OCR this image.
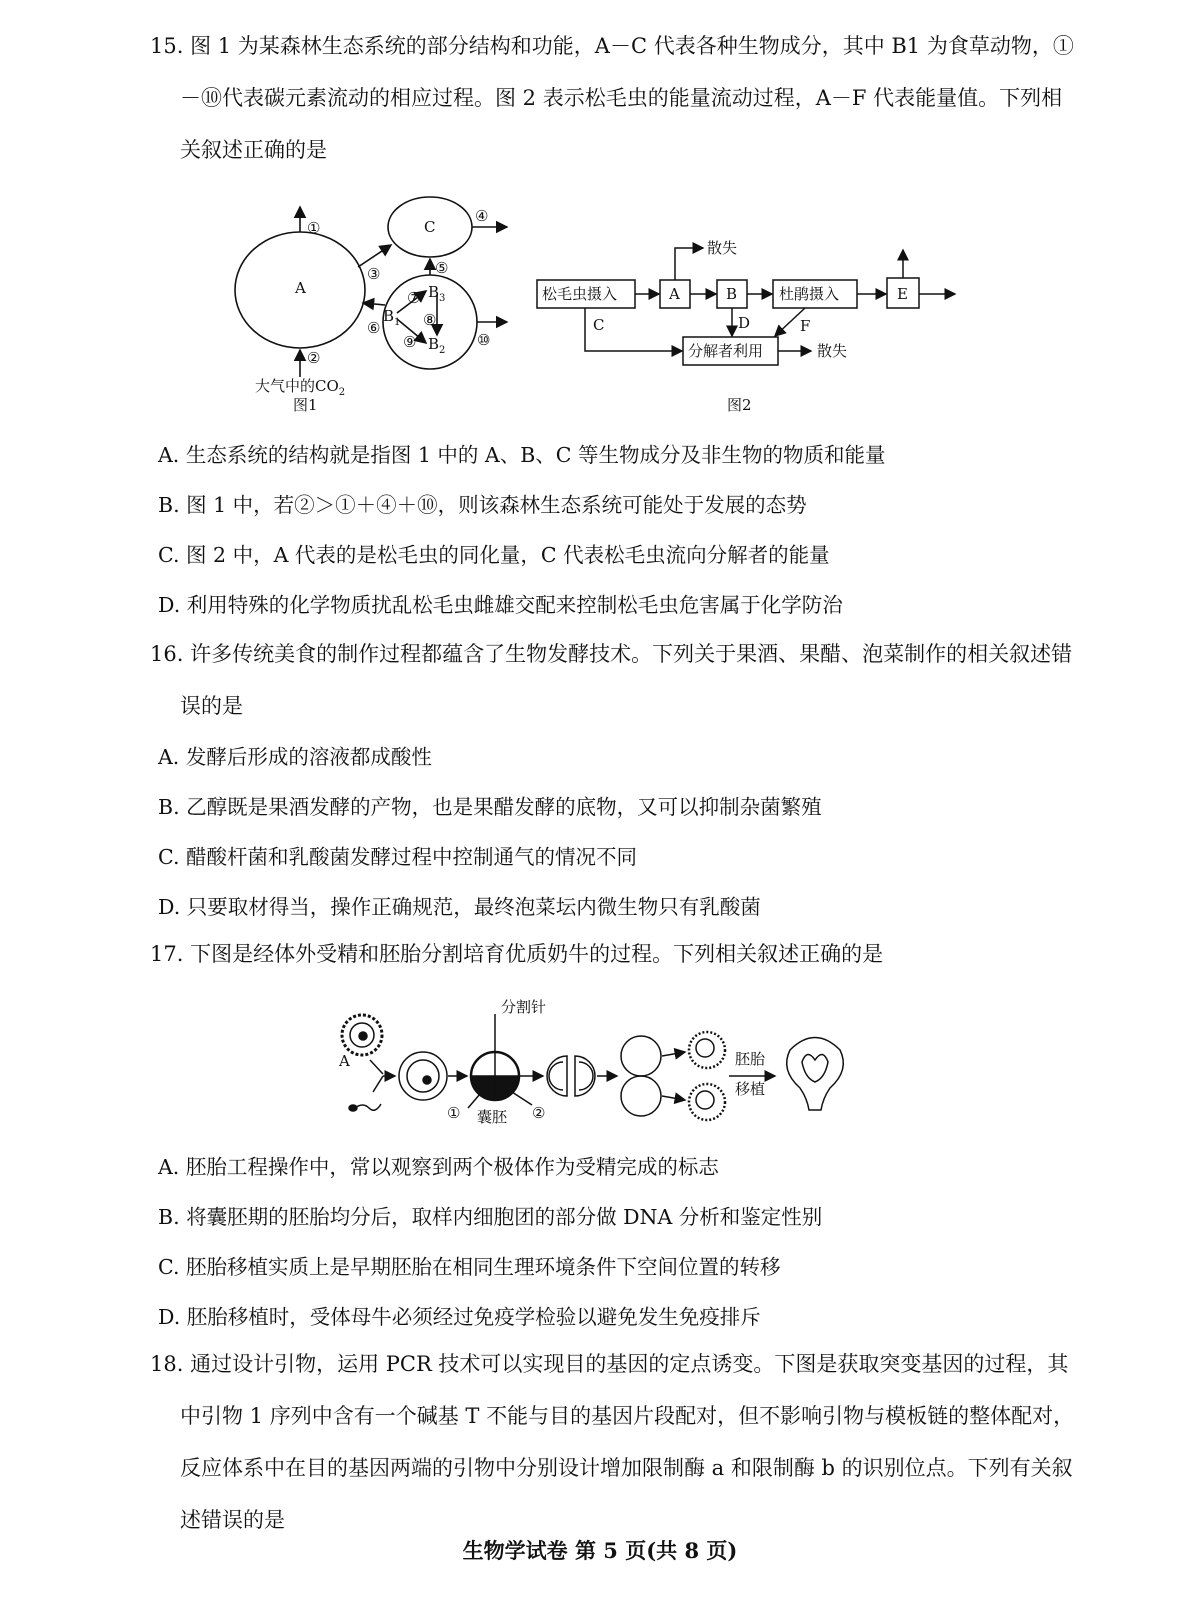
15. 图 1 为某森林生态系统的部分结构和功能，A－C 代表各种生物成分，其中 B1 为食草动物，①－⑩代表碳元素流动的相应过程。图 2 表示松毛虫的能量流动过程，A－F 代表能量值。下列相关叙述正确的是
A
C
①
②
③
④
⑤
⑥
⑦
⑧
⑨	⑩
$B_1$
$B_3$
$B_2$
大气中的$CO_2$
图1
松毛虫摄入	A	B	杜鹃摄入	E
分解者利用
散失
散失
C	D	F
图2
A. 生态系统的结构就是指图 1 中的 A、B、C 等生物成分及非生物的物质和能量
B. 图 1 中，若②＞①＋④＋⑩，则该森林生态系统可能处于发展的态势
C. 图 2 中，A 代表的是松毛虫的同化量，C 代表松毛虫流向分解者的能量
D. 利用特殊的化学物质扰乱松毛虫雌雄交配来控制松毛虫危害属于化学防治
16. 许多传统美食的制作过程都蕴含了生物发酵技术。下列关于果酒、果醋、泡菜制作的相关叙述错误的是
A. 发酵后形成的溶液都成酸性
B. 乙醇既是果酒发酵的产物，也是果醋发酵的底物，又可以抑制杂菌繁殖
C. 醋酸杆菌和乳酸菌发酵过程中控制通气的情况不同
D. 只要取材得当，操作正确规范，最终泡菜坛内微生物只有乳酸菌
17. 下图是经体外受精和胚胎分割培育优质奶牛的过程。下列相关叙述正确的是
A
分割针
①	②
囊胚
胚胎
移植
A. 胚胎工程操作中，常以观察到两个极体作为受精完成的标志
B. 将囊胚期的胚胎均分后，取样内细胞团的部分做 DNA 分析和鉴定性别
C. 胚胎移植实质上是早期胚胎在相同生理环境条件下空间位置的转移
D. 胚胎移植时，受体母牛必须经过免疫学检验以避免发生免疫排斥
18. 通过设计引物，运用 PCR 技术可以实现目的基因的定点诱变。下图是获取突变基因的过程，其中引物 1 序列中含有一个碱基 T 不能与目的基因片段配对，但不影响引物与模板链的整体配对，反应体系中在目的基因两端的引物中分别设计增加限制酶 a 和限制酶 b 的识别位点。下列有关叙述错误的是
生物学试卷 第 5 页(共 8 页)
